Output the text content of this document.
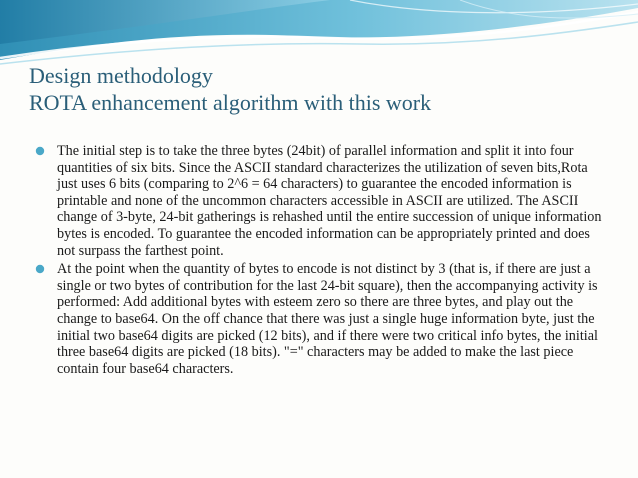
Design methodology
ROTA enhancement algorithm with this work
The initial step is to take the three bytes (24bit) of parallel information and split it into four quantities of six bits. Since the ASCII standard characterizes the utilization of seven bits,Rota just uses 6 bits (comparing to 2^6 = 64 characters) to guarantee the encoded information is printable and none of the uncommon characters accessible in ASCII are utilized. The ASCII change of 3-byte, 24-bit gatherings is rehashed until the entire succession of unique information bytes is encoded. To guarantee the encoded information can be appropriately printed and does not surpass the farthest point.
At the point when the quantity of bytes to encode is not distinct by 3 (that is, if there are just a single or two bytes of contribution for the last 24-bit square), then the accompanying activity is performed: Add additional bytes with esteem zero so there are three bytes, and play out the change to base64. On the off chance that there was just a single huge information byte, just the initial two base64 digits are picked (12 bits), and if there were two critical info bytes, the initial three base64 digits are picked (18 bits). "=" characters may be added to make the last piece contain four base64 characters.
